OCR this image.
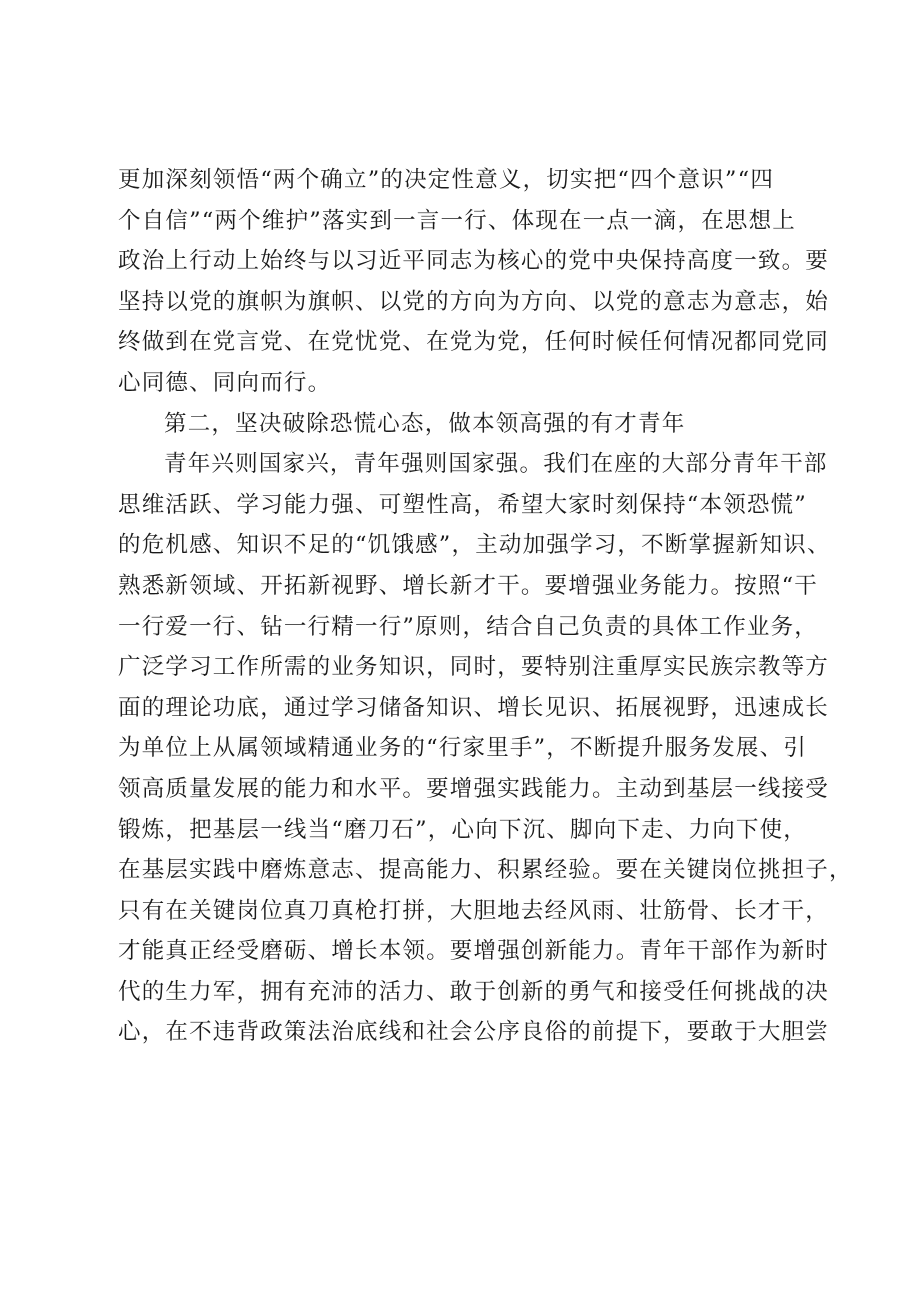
更加深刻领悟“两个确立”的决定性意义，切实把“四个意识”“四
个自信”“两个维护”落实到一言一行、体现在一点一滴，在思想上
政治上行动上始终与以习近平同志为核心的党中央保持高度一致。要
坚持以党的旗帜为旗帜、以党的方向为方向、以党的意志为意志，始
终做到在党言党、在党忧党、在党为党，任何时候任何情况都同党同
心同德、同向而行。
第二，坚决破除恐慌心态，做本领高强的有才青年
青年兴则国家兴，青年强则国家强。我们在座的大部分青年干部
思维活跃、学习能力强、可塑性高，希望大家时刻保持“本领恐慌”
的危机感、知识不足的“饥饿感”，主动加强学习，不断掌握新知识、
熟悉新领域、开拓新视野、增长新才干。要增强业务能力。按照“干
一行爱一行、钻一行精一行”原则，结合自己负责的具体工作业务，
广泛学习工作所需的业务知识，同时，要特别注重厚实民族宗教等方
面的理论功底，通过学习储备知识、增长见识、拓展视野，迅速成长
为单位上从属领域精通业务的“行家里手”，不断提升服务发展、引
领高质量发展的能力和水平。要增强实践能力。主动到基层一线接受
锻炼，把基层一线当“磨刀石”，心向下沉、脚向下走、力向下使，
在基层实践中磨炼意志、提高能力、积累经验。要在关键岗位挑担子，
只有在关键岗位真刀真枪打拼，大胆地去经风雨、壮筋骨、长才干，
才能真正经受磨砺、增长本领。要增强创新能力。青年干部作为新时
代的生力军，拥有充沛的活力、敢于创新的勇气和接受任何挑战的决
心，在不违背政策法治底线和社会公序良俗的前提下，要敢于大胆尝
